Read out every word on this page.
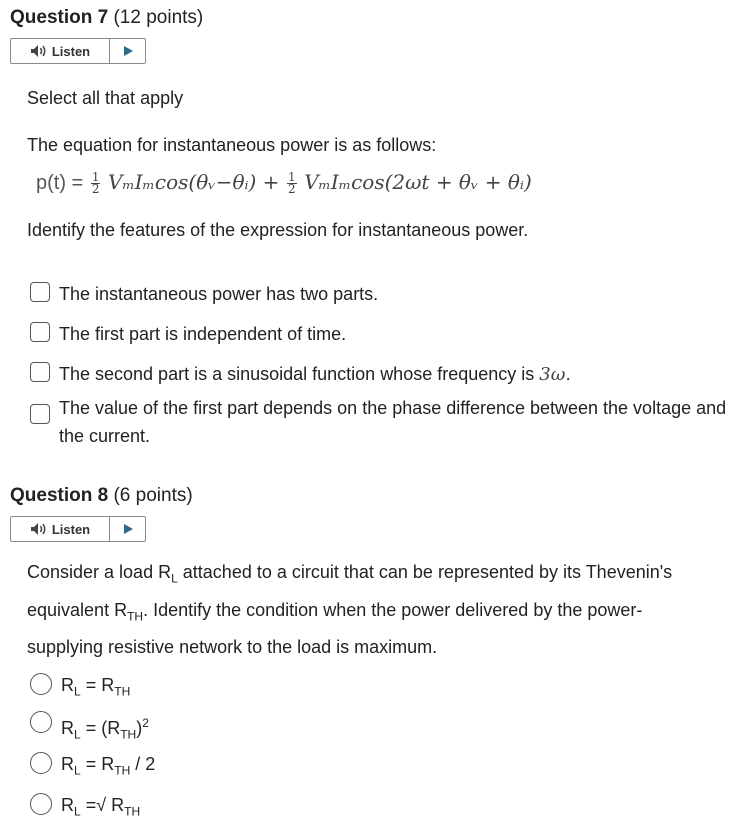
Question 7 (12 points)
Listen
Select all that apply
The equation for instantaneous power is as follows:
$p(t) = \frac{1}{2}$ VₘIₘcos(θᵥ−θᵢ) + $\frac{1}{2} V_mI_m\cos(2\omega t$ + θᵥ + θᵢ)
Identify the features of the expression for instantaneous power.
The instantaneous power has two parts.
The first part is independent of time.
The second part is a sinusoidal function whose frequency is 3ω.
The value of the first part depends on the phase difference between the voltage and the current.
Question 8 (6 points)
Listen
Consider a load $R_L$ attached to a circuit that can be represented by its Thevenin's
equivalent $R_{TH}$. Identify the condition when the power delivered by the power-
supplying resistive network to the load is maximum.
$R_L = R_{TH}$
$R_L = (R_{TH})^2$
$R_L = R_{TH} / 2$
$R_L$ =√ $R_{TH}$
